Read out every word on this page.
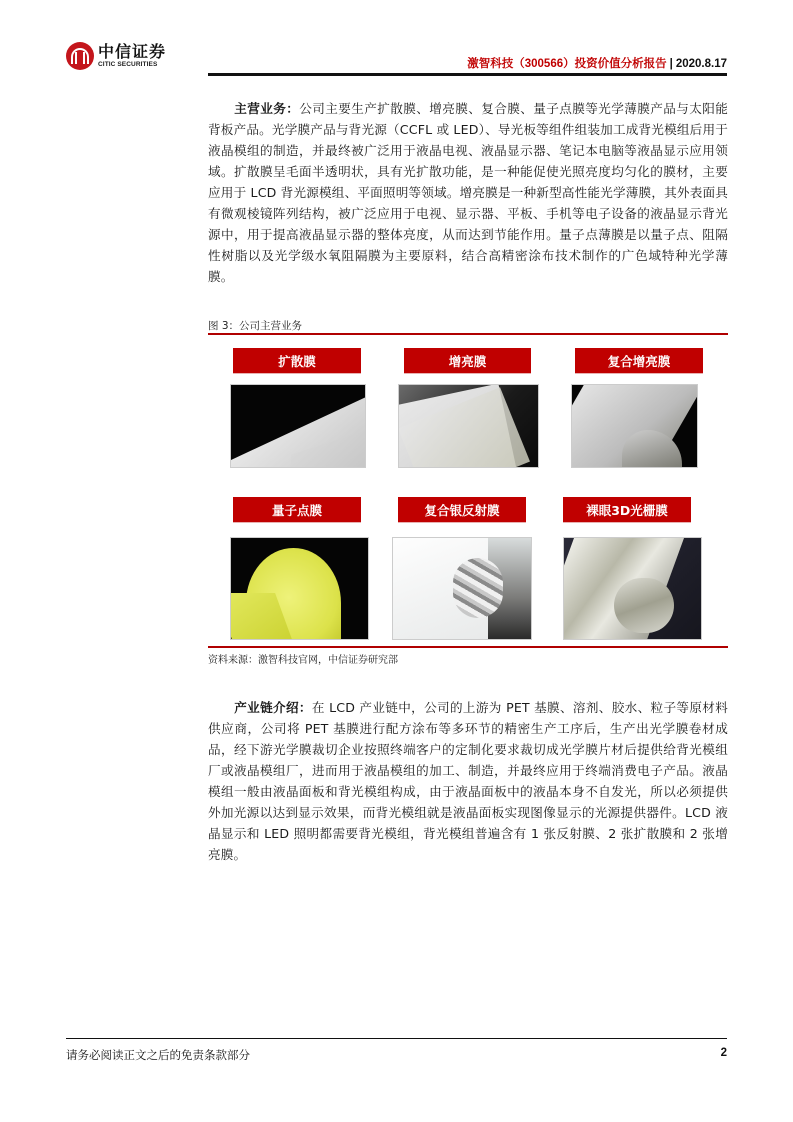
中信证券
CITIC SECURITIES	激智科技（300566）投资价值分析报告 | 2020.8.17
主营业务：公司主要生产扩散膜、增亮膜、复合膜、量子点膜等光学薄膜产品与太阳能背板产品。光学膜产品与背光源（CCFL 或 LED）、导光板等组件组装加工成背光模组后用于液晶模组的制造，并最终被广泛用于液晶电视、液晶显示器、笔记本电脑等液晶显示应用领域。扩散膜呈毛面半透明状，具有光扩散功能，是一种能促使光照亮度均匀化的膜材，主要应用于 LCD 背光源模组、平面照明等领域。增亮膜是一种新型高性能光学薄膜，其外表面具有微观棱镜阵列结构，被广泛应用于电视、显示器、平板、手机等电子设备的液晶显示背光源中，用于提高液晶显示器的整体亮度，从而达到节能作用。量子点薄膜是以量子点、阻隔性树脂以及光学级水氧阻隔膜为主要原料，结合高精密涂布技术制作的广色域特种光学薄膜。
图 3：公司主营业务
扩散膜	增亮膜	复合增亮膜
量子点膜	复合银反射膜	裸眼3D光栅膜
资料来源：激智科技官网，中信证券研究部
产业链介绍：在 LCD 产业链中，公司的上游为 PET 基膜、溶剂、胶水、粒子等原材料供应商，公司将 PET 基膜进行配方涂布等多环节的精密生产工序后，生产出光学膜卷材成品，经下游光学膜裁切企业按照终端客户的定制化要求裁切成光学膜片材后提供给背光模组厂或液晶模组厂，进而用于液晶模组的加工、制造，并最终应用于终端消费电子产品。液晶模组一般由液晶面板和背光模组构成，由于液晶面板中的液晶本身不自发光，所以必须提供外加光源以达到显示效果，而背光模组就是液晶面板实现图像显示的光源提供器件。LCD 液晶显示和 LED 照明都需要背光模组，背光模组普遍含有 1 张反射膜、2 张扩散膜和 2 张增亮膜。
请务必阅读正文之后的免责条款部分	2
